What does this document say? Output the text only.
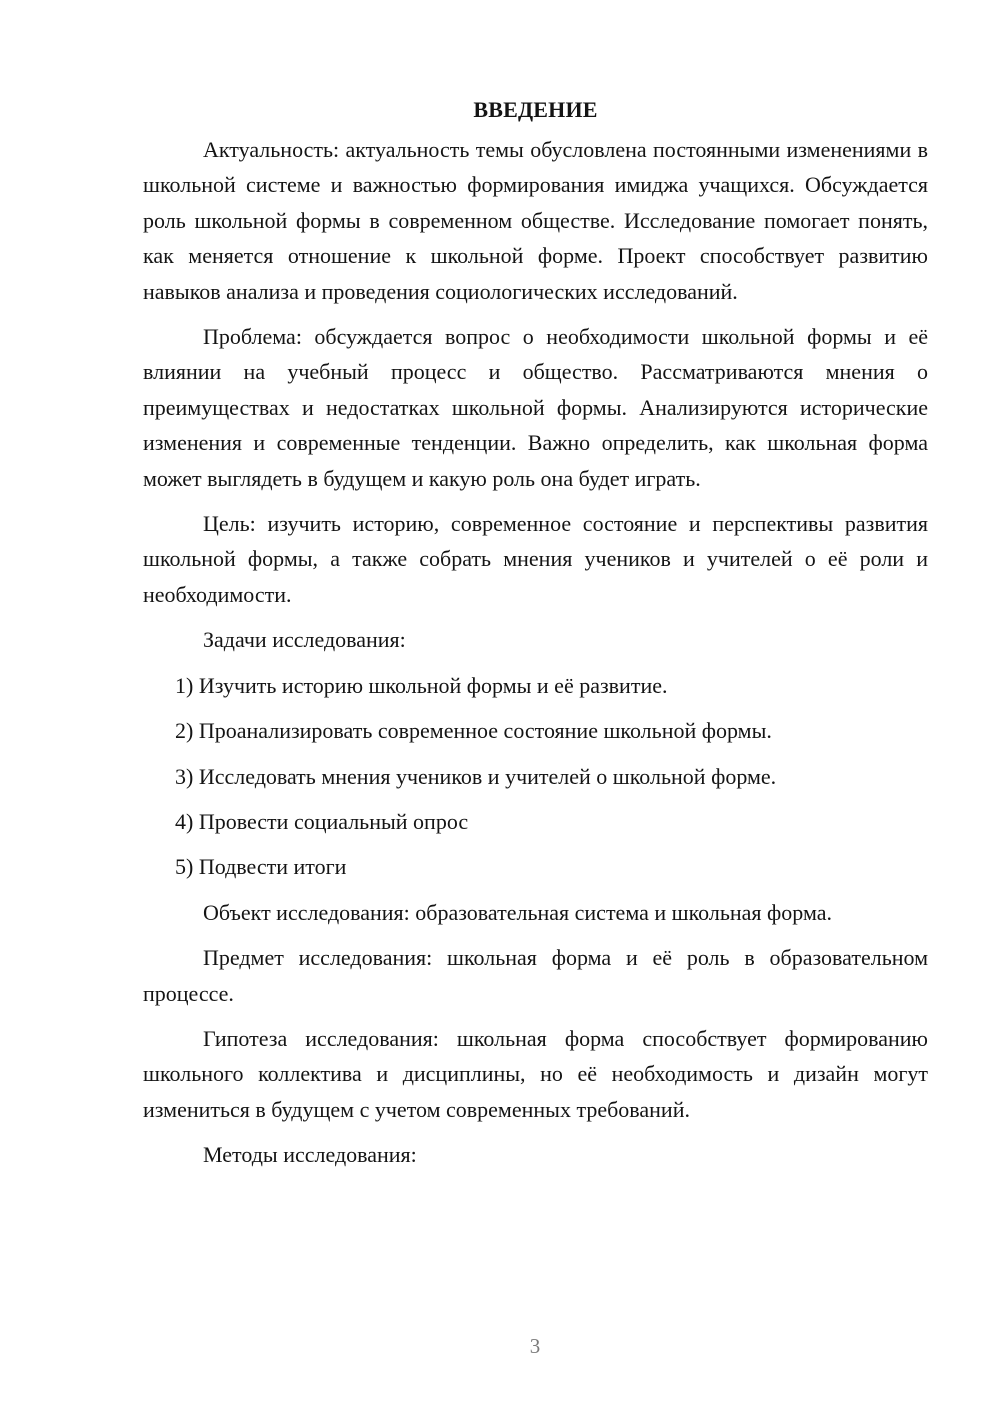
ВВЕДЕНИЕ

Актуальность: актуальность темы обусловлена постоянными изменениями в школьной системе и важностью формирования имиджа учащихся. Обсуждается роль школьной формы в современном обществе. Исследование помогает понять, как меняется отношение к школьной форме. Проект способствует развитию навыков анализа и проведения социологических исследований.

Проблема: обсуждается вопрос о необходимости школьной формы и её влиянии на учебный процесс и общество. Рассматриваются мнения о преимуществах и недостатках школьной формы. Анализируются исторические изменения и современные тенденции. Важно определить, как школьная форма может выглядеть в будущем и какую роль она будет играть.

Цель: изучить историю, современное состояние и перспективы развития школьной формы, а также собрать мнения учеников и учителей о её роли и необходимости.

Задачи исследования:

1) Изучить историю школьной формы и её развитие.
2) Проанализировать современное состояние школьной формы.
3) Исследовать мнения учеников и учителей о школьной форме.
4) Провести социальный опрос
5) Подвести итоги

Объект исследования: образовательная система и школьная форма.

Предмет исследования: школьная форма и её роль в образовательном процессе.

Гипотеза исследования: школьная форма способствует формированию школьного коллектива и дисциплины, но её необходимость и дизайн могут измениться в будущем с учетом современных требований.

Методы исследования:

3
